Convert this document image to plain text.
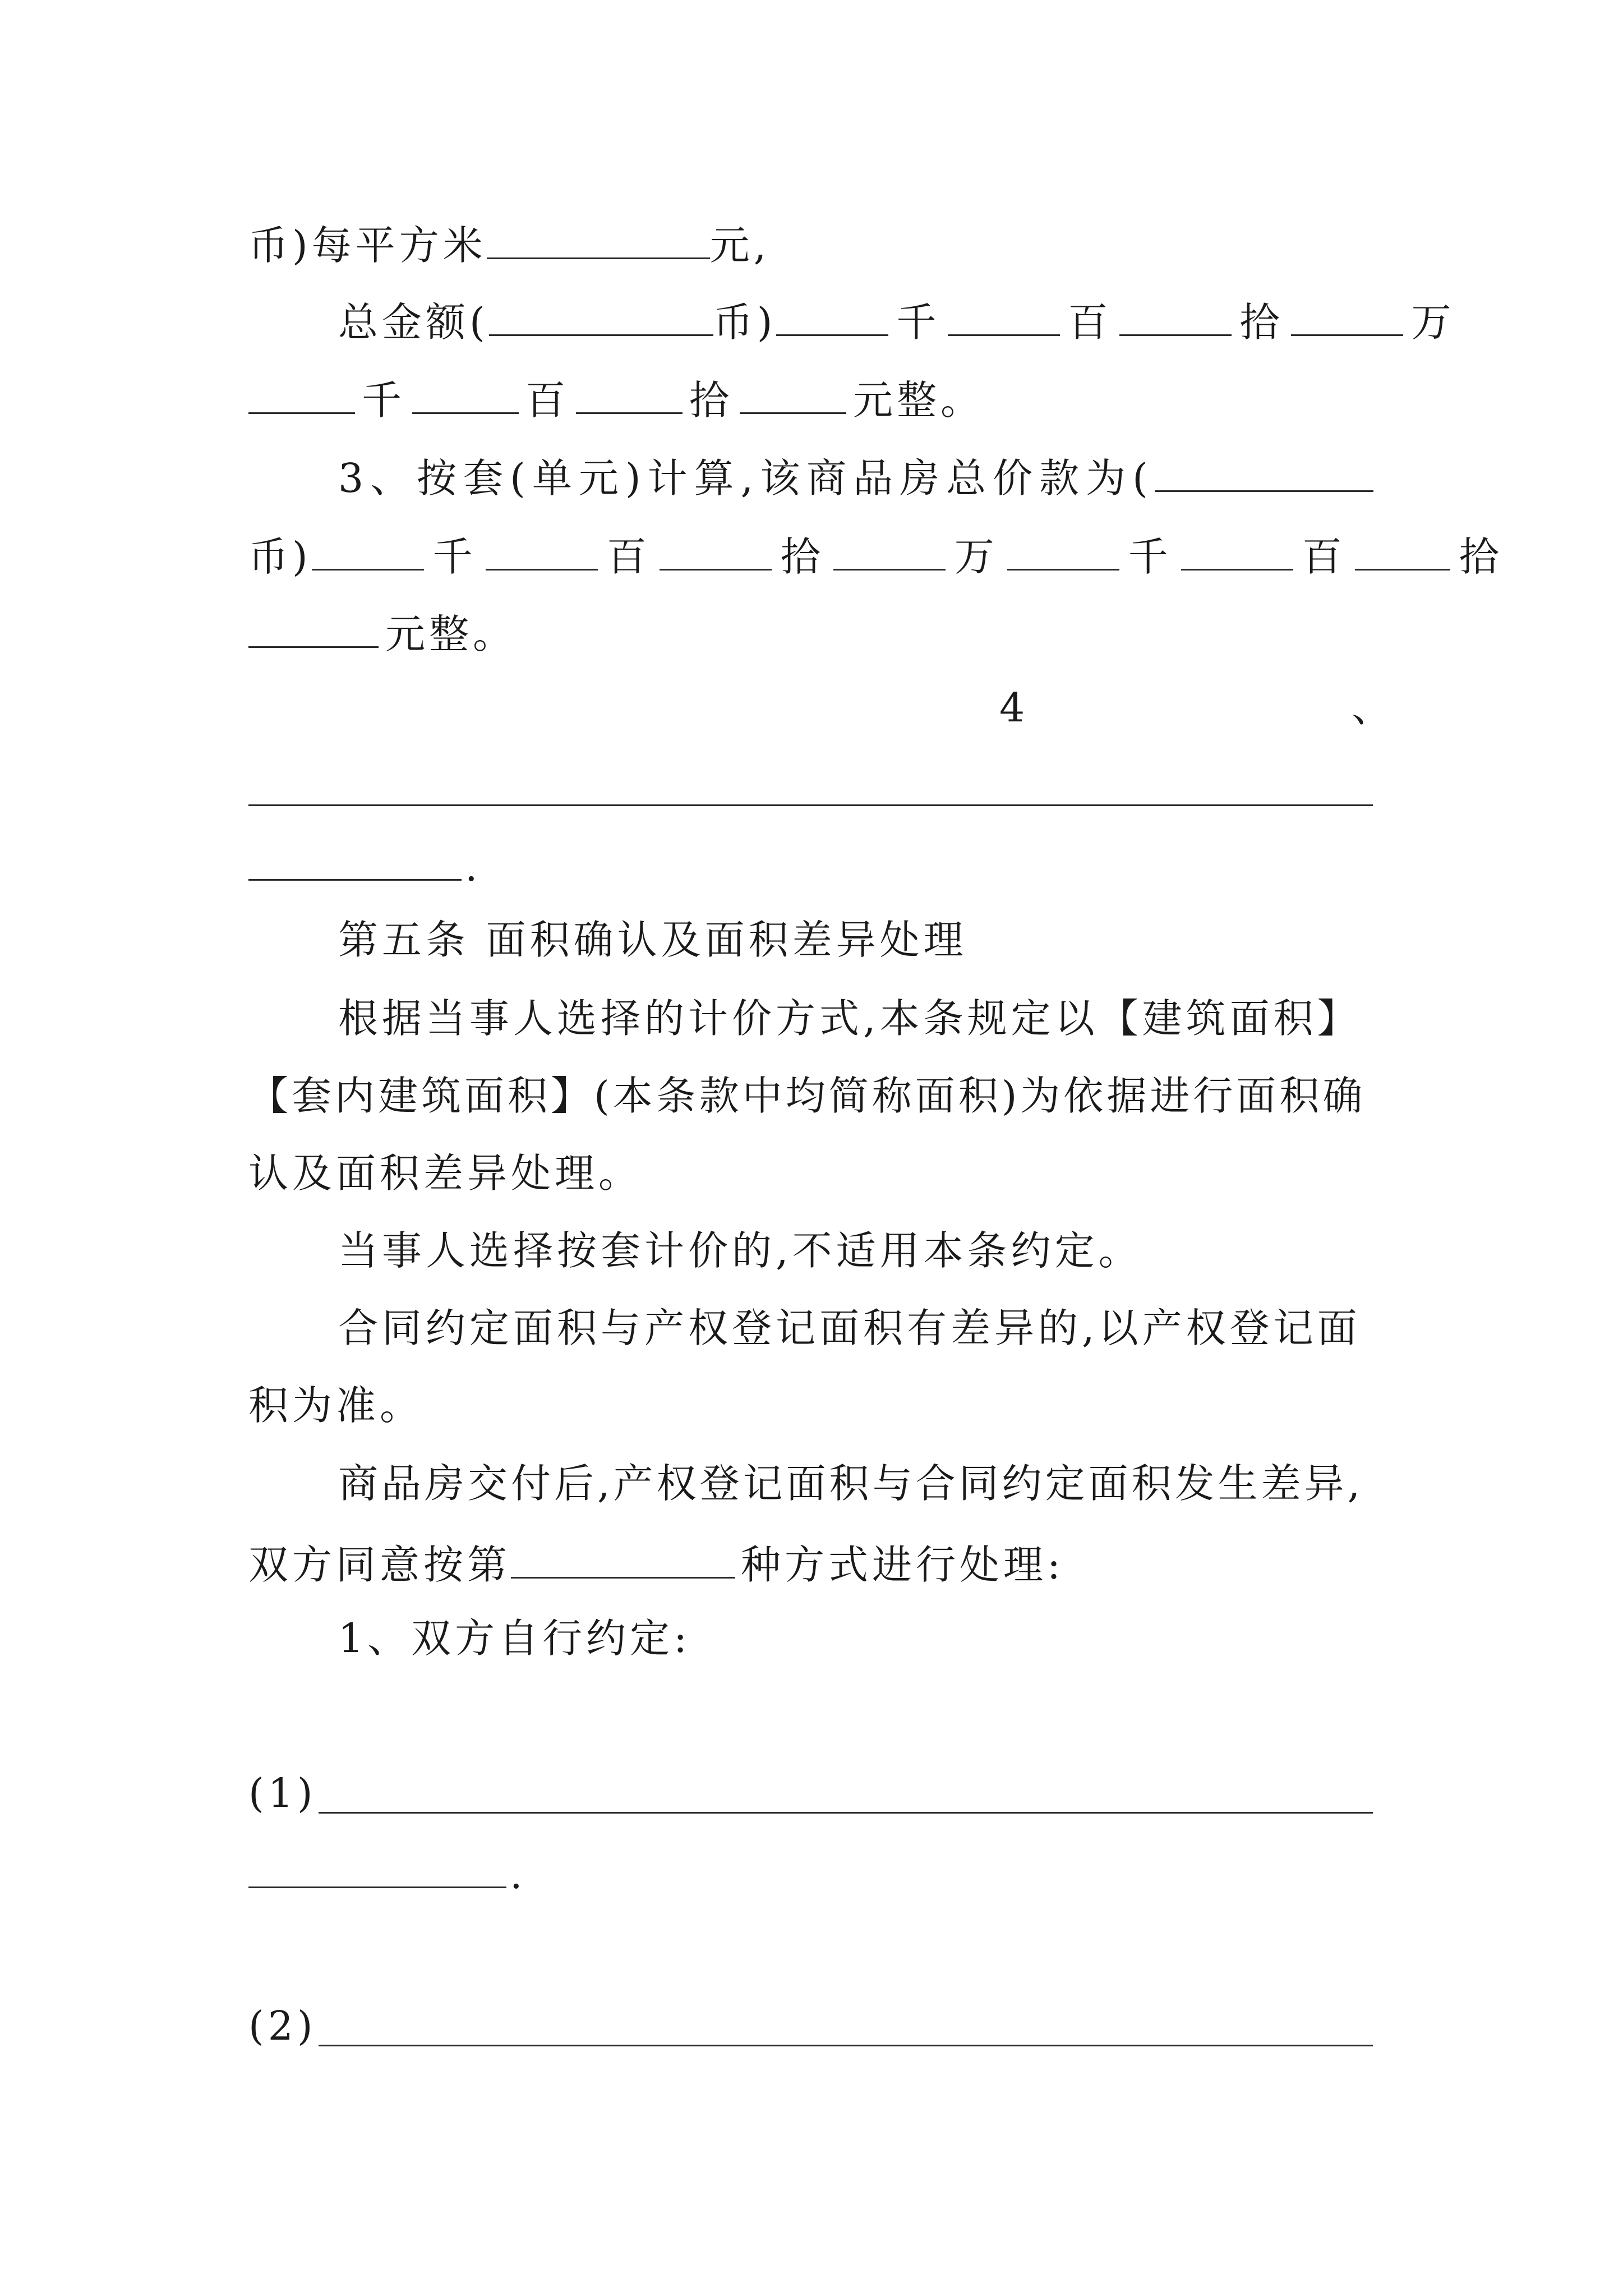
币)每平方米	元,
总金额(	币)	千	百	拾	万
千	百	拾	元整。
3、按套(单元)计算,该商品房总价款为(
币)	千	百	拾	万	千	百	拾
元整。
4	、
.
第五条 面积确认及面积差异处理
根据当事人选择的计价方式,本条规定以【建筑面积】
【套内建筑面积】(本条款中均简称面积)为依据进行面积确
认及面积差异处理。
当事人选择按套计价的,不适用本条约定。
合同约定面积与产权登记面积有差异的,以产权登记面
积为准。
商品房交付后,产权登记面积与合同约定面积发生差异,
双方同意按第	种方式进行处理:
1、双方自行约定:
(1)
.
(2)
